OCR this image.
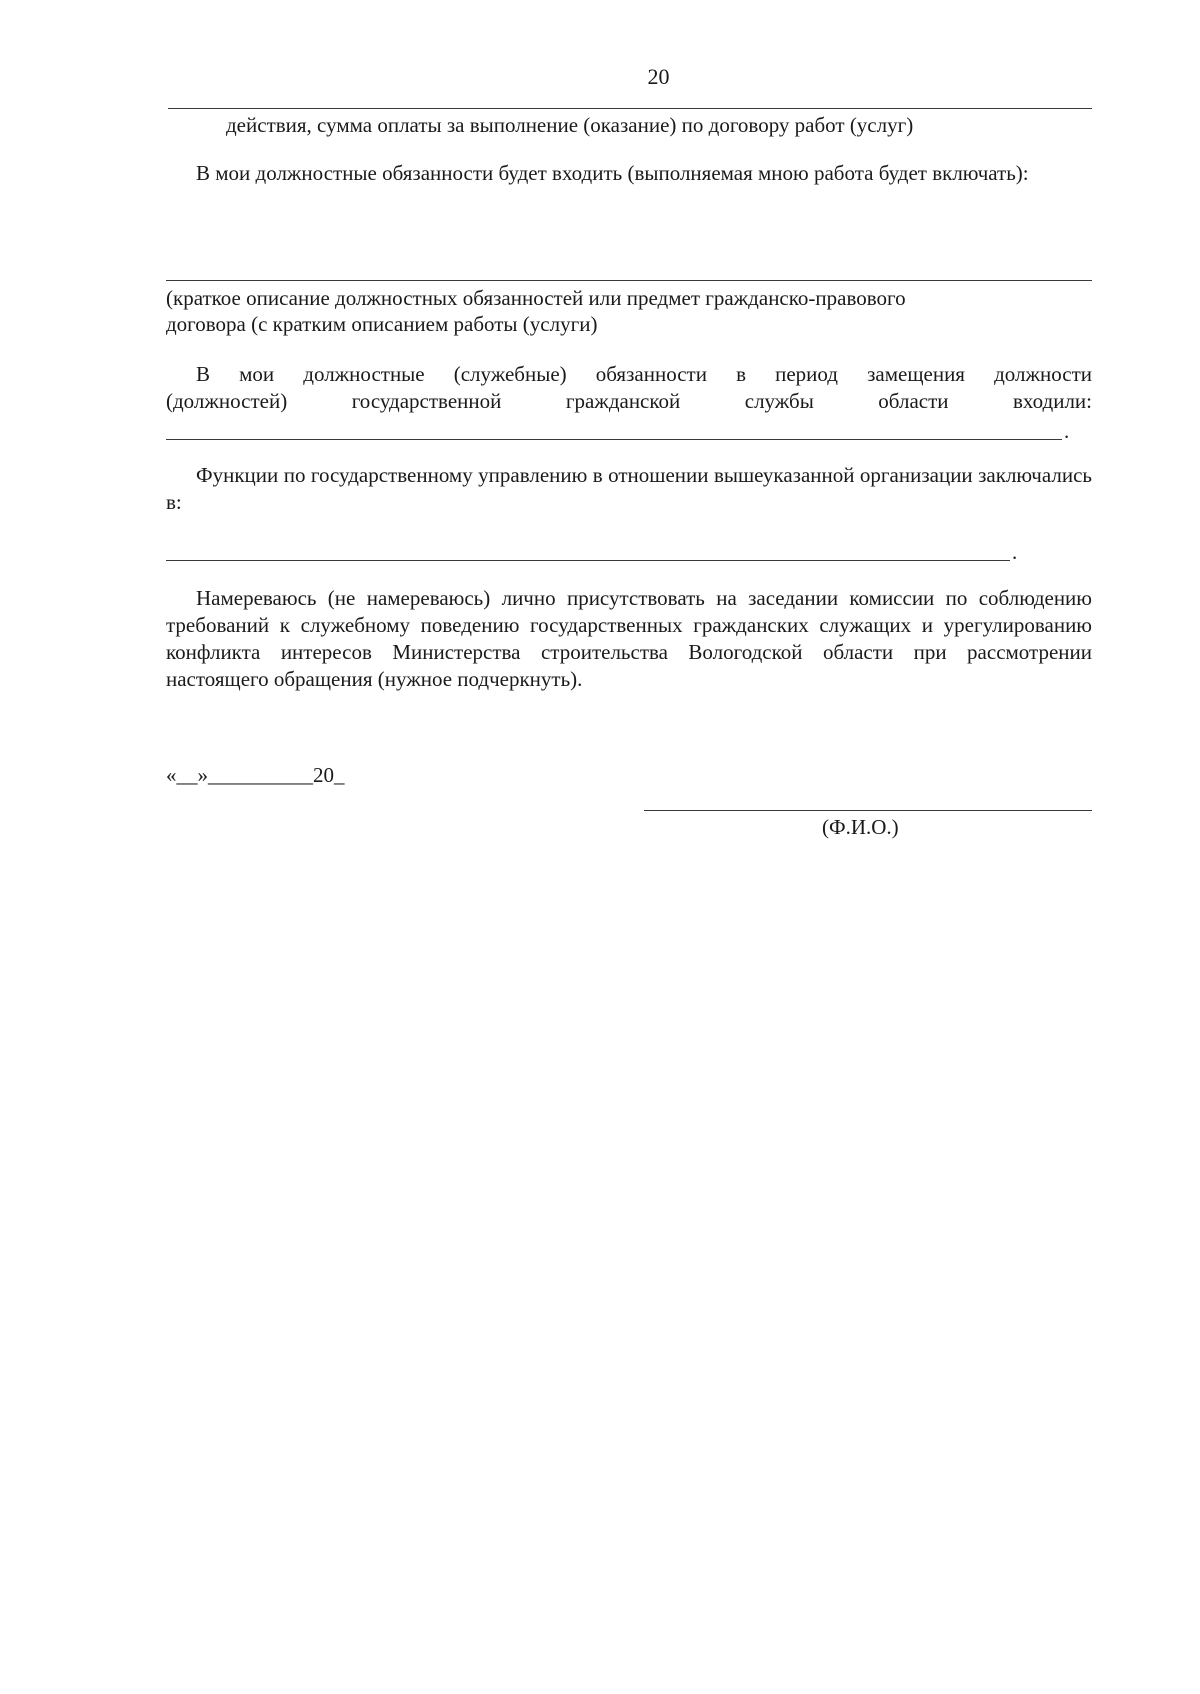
20
действия, сумма оплаты за выполнение (оказание) по договору работ (услуг)
В мои должностные обязанности будет входить (выполняемая мною работа будет включать):
(краткое описание должностных обязанностей или предмет гражданско-правового
договора (с кратким описанием работы (услуги)
В мои должностные (служебные) обязанности в период замещения должности
(должностей) государственной гражданской службы области входили:
.
Функции по государственному управлению в отношении вышеуказанной организации заключались в:
.
Намереваюсь (не намереваюсь) лично присутствовать на заседании комиссии по соблюдению требований к служебному поведению государственных гражданских служащих и урегулированию конфликта интересов Министерства строительства Вологодской области при рассмотрении настоящего обращения (нужное подчеркнуть).
«__»__________20_
(Ф.И.О.)
